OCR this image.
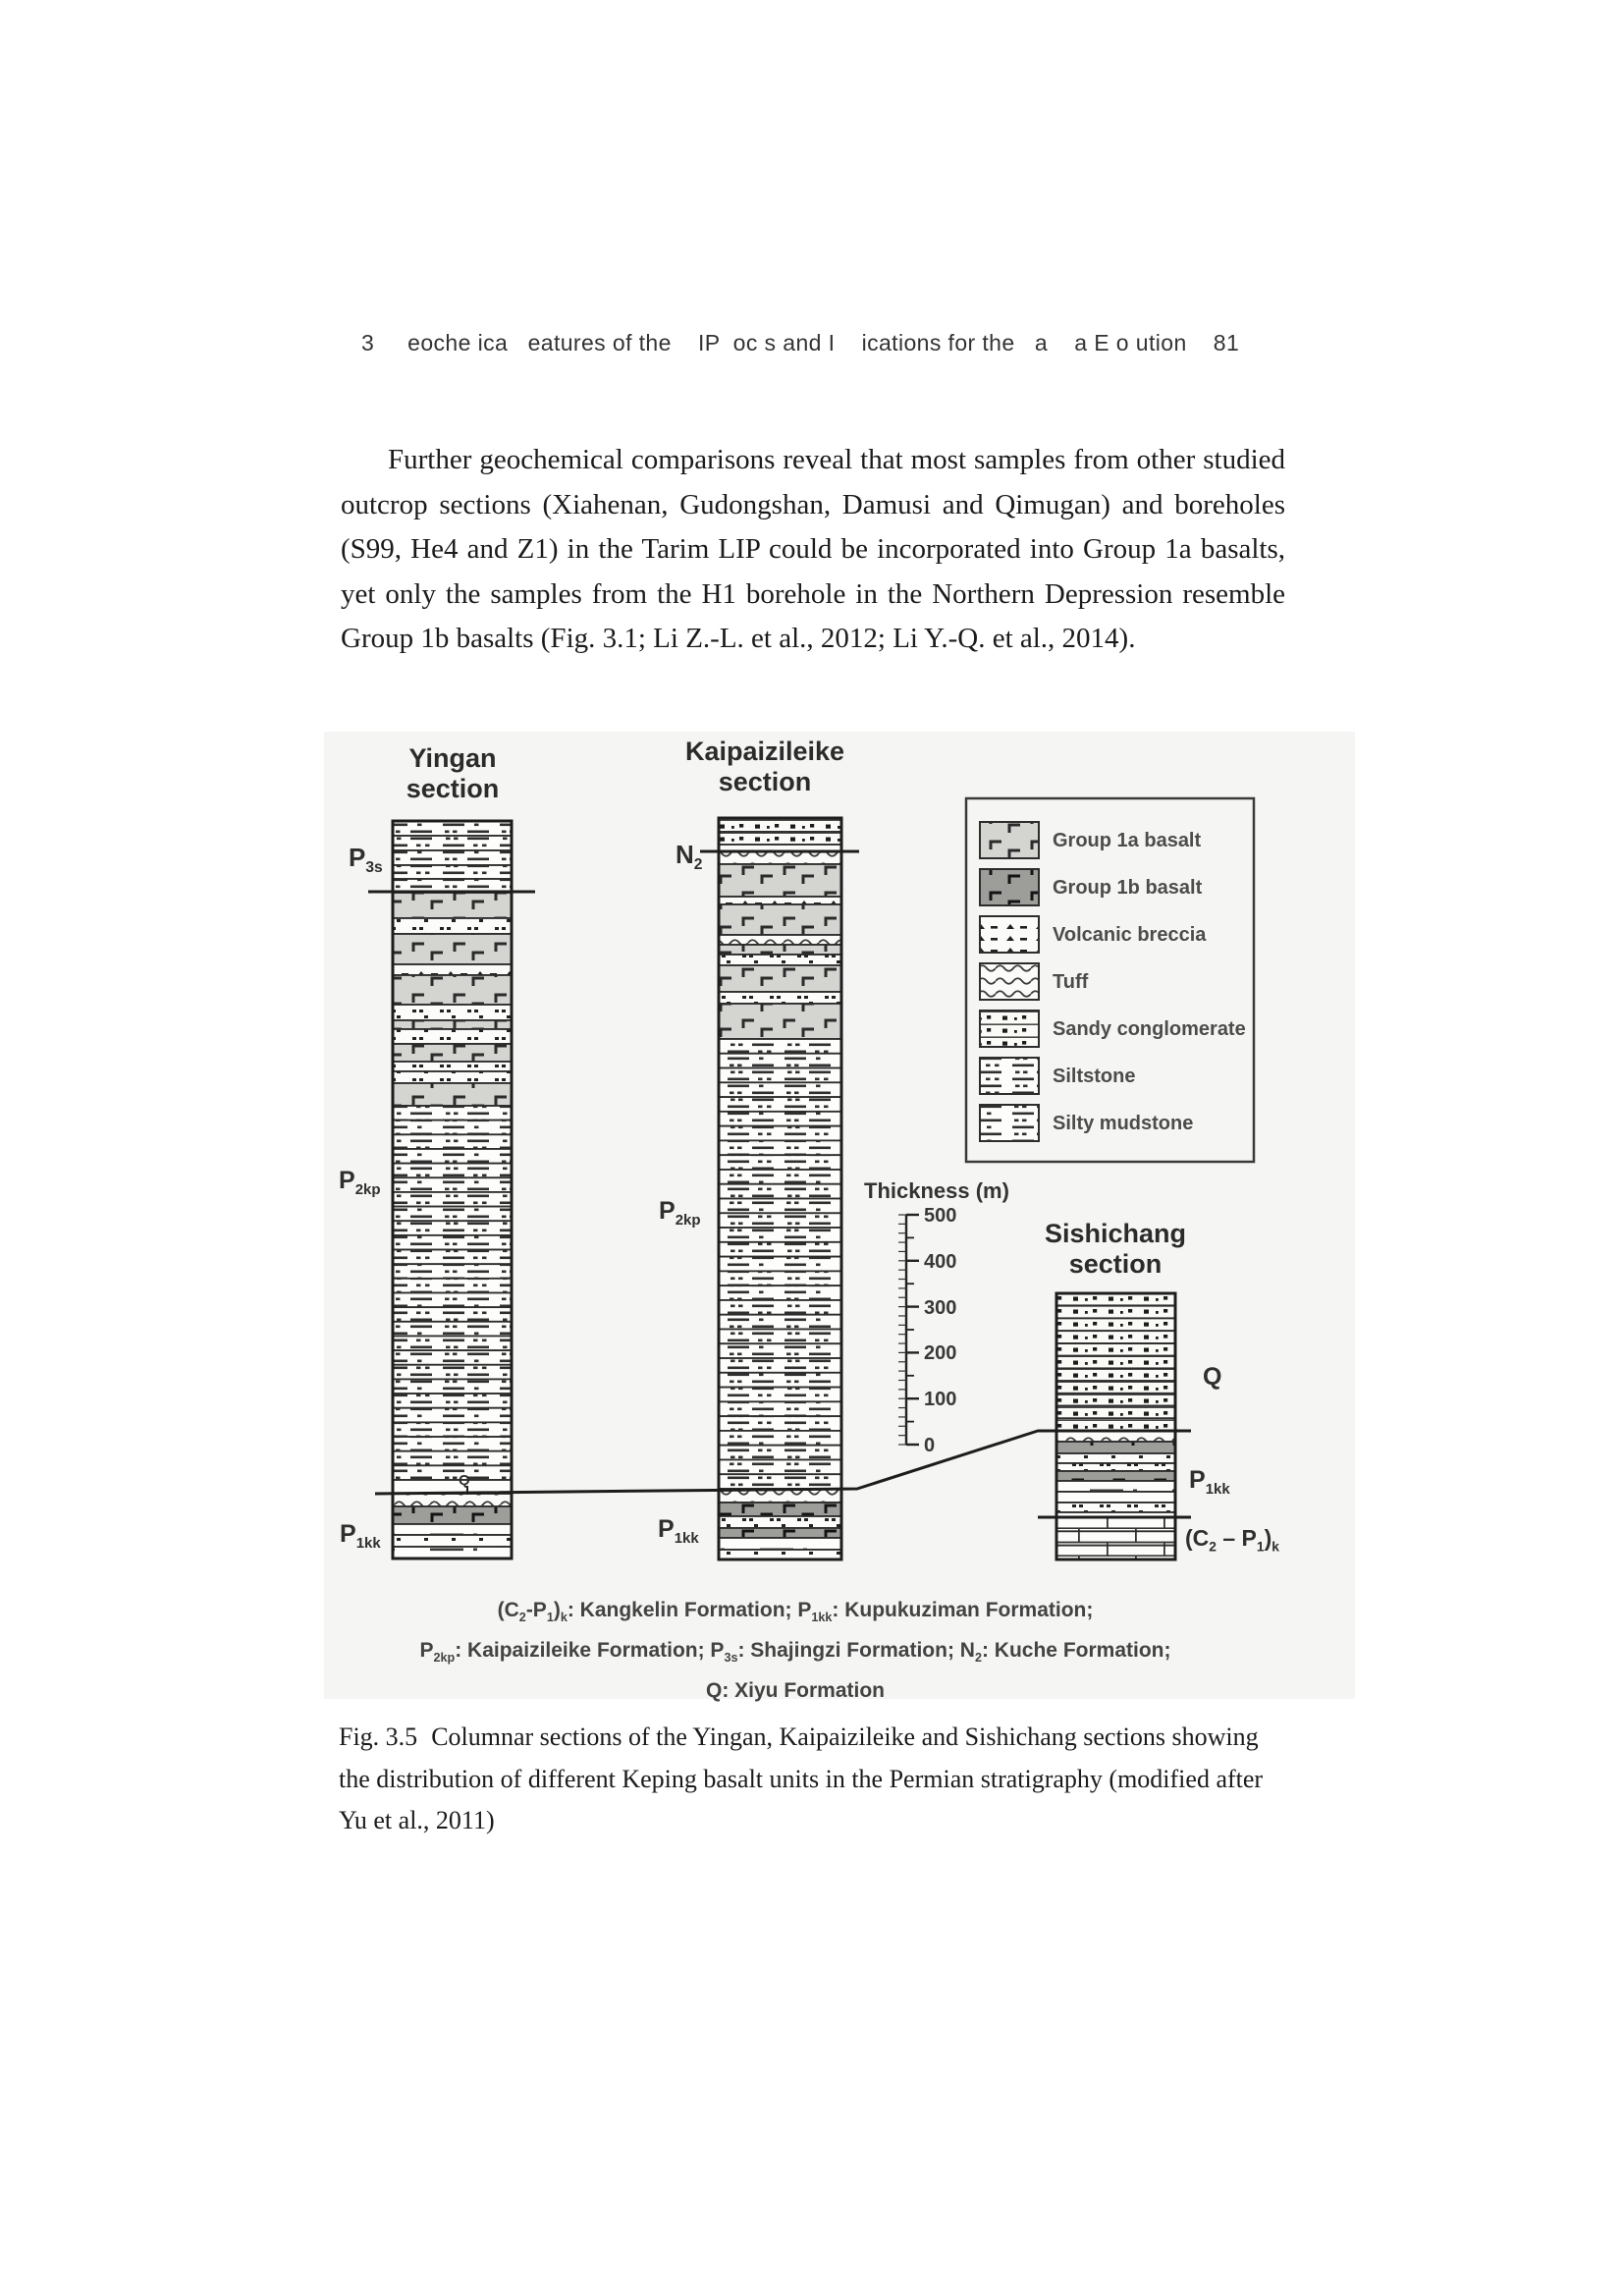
3     eoche ica   eatures of the    IP  oc s and I    ications for the   a    a E o ution    81
Further geochemical comparisons reveal that most samples from other studied outcrop sections (Xiahenan, Gudongshan, Damusi and Qimugan) and boreholes (S99, He4 and Z1) in the Tarim LIP could be incorporated into Group 1a basalts, yet only the samples from the H1 borehole in the Northern Depression resemble Group 1b basalts (Fig. 3.1; Li Z.-L. et al., 2012; Li Y.-Q. et al., 2014).
Yingan
section
Kaipaizileike
section
Sishichang
section
Thickness (m)
500
400
300
200
100
0
Group 1a basalt
Group 1b basalt
Volcanic breccia
Tuff
Sandy conglomerate
Siltstone
Silty mudstone
$(C_2-P_1)_k$: Kangkelin Formation; $P_{1kk}$: Kupukuziman Formation;
$P_{2kp}$: Kaipaizileike Formation; $P_{3s}$: Shajingzi Formation; $N_2$: Kuche Formation;
Q: Xiyu Formation
$P_{3s}$
$P_{2kp}$
$P_{1kk}$
Q
$N_2$
$P_{2kp}$
$P_{1kk}$
Q
$P_{1kk}$
$(C_2 - P_1)_k$
Fig. 3.5 Columnar sections of the Yingan, Kaipaizileike and Sishichang sections showing the distribution of different Keping basalt units in the Permian stratigraphy (modified after Yu et al., 2011)
